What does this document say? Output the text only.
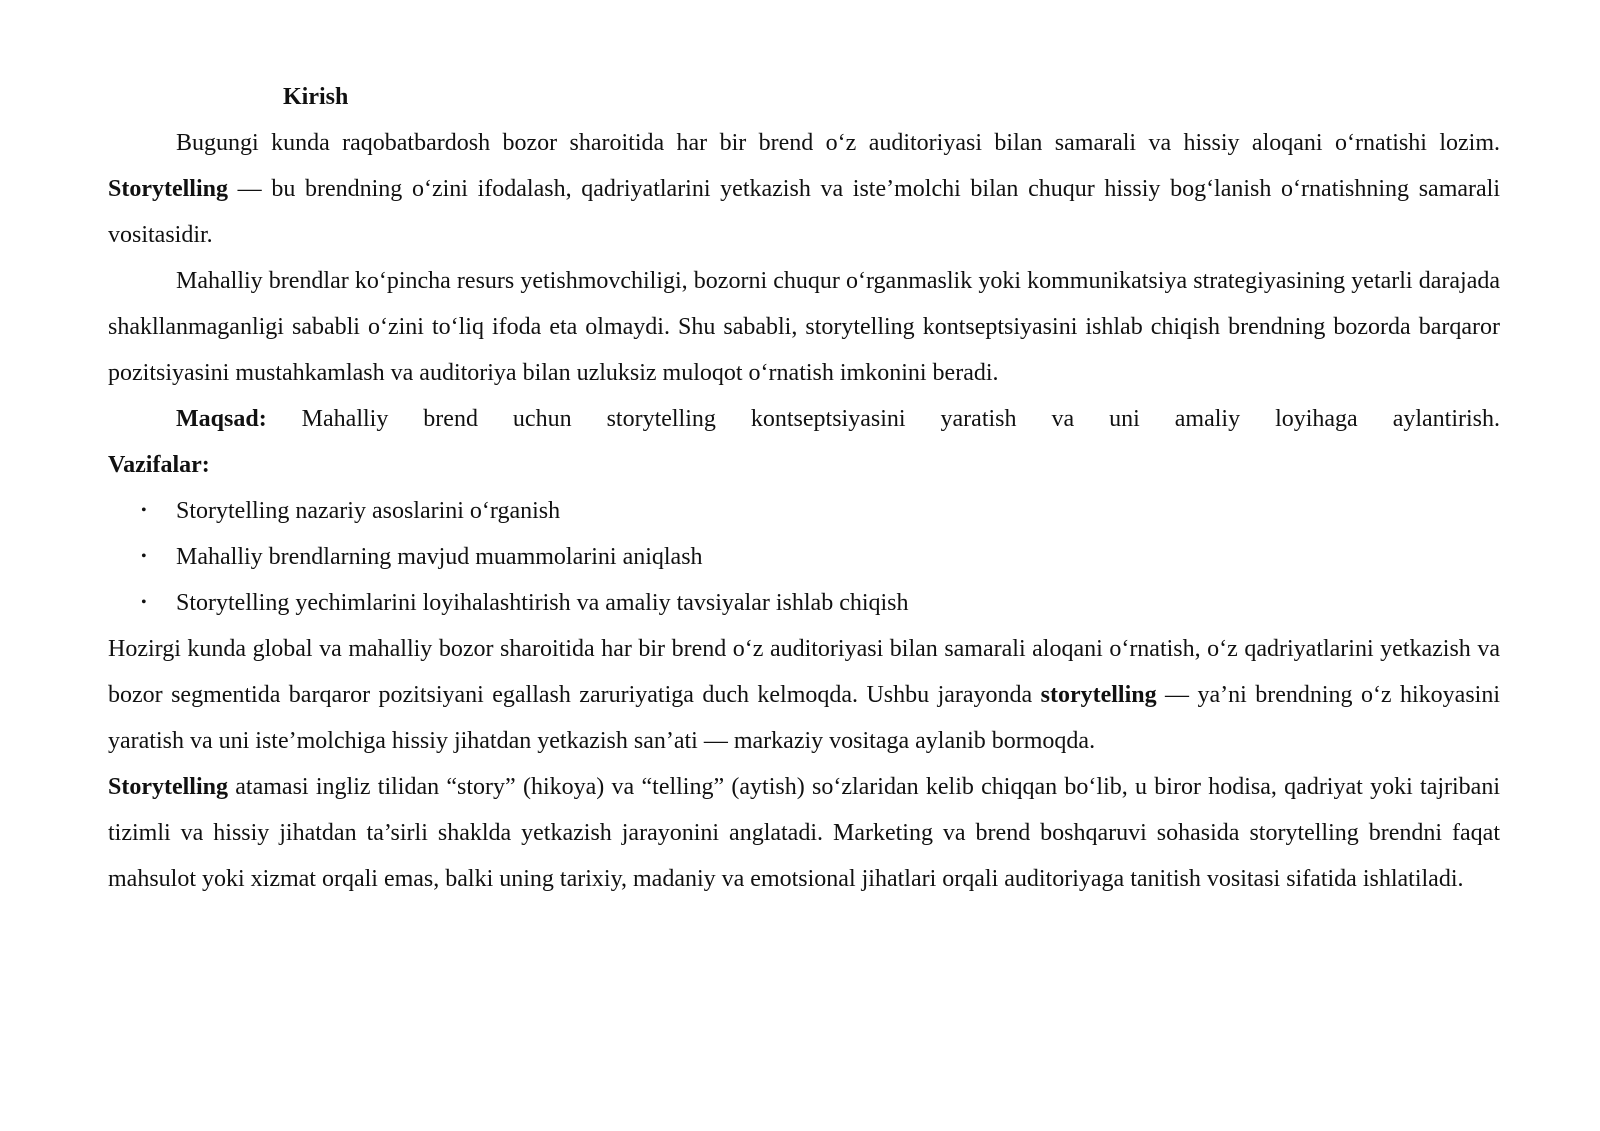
Kirish

Bugungi kunda raqobatbardosh bozor sharoitida har bir brend o‘z auditoriyasi bilan samarali va hissiy aloqani o‘rnatishi lozim. Storytelling — bu brendning o‘zini ifodalash, qadriyatlarini yetkazish va iste’molchi bilan chuqur hissiy bog‘lanish o‘rnatishning samarali vositasidir.

Mahalliy brendlar ko‘pincha resurs yetishmovchiligi, bozorni chuqur o‘rganmaslik yoki kommunikatsiya strategiyasining yetarli darajada shakllanmaganligi sababli o‘zini to‘liq ifoda eta olmaydi. Shu sababli, storytelling kontseptsiyasini ishlab chiqish brendning bozorda barqaror pozitsiyasini mustahkamlash va auditoriya bilan uzluksiz muloqot o‘rnatish imkonini beradi.

Maqsad: Mahalliy brend uchun storytelling kontseptsiyasini yaratish va uni amaliy loyihaga aylantirish.

Vazifalar:

• Storytelling nazariy asoslarini o‘rganish
• Mahalliy brendlarning mavjud muammolarini aniqlash
• Storytelling yechimlarini loyihalashtirish va amaliy tavsiyalar ishlab chiqish

Hozirgi kunda global va mahalliy bozor sharoitida har bir brend o‘z auditoriyasi bilan samarali aloqani o‘rnatish, o‘z qadriyatlarini yetkazish va bozor segmentida barqaror pozitsiyani egallash zaruriyatiga duch kelmoqda. Ushbu jarayonda storytelling — ya’ni brendning o‘z hikoyasini yaratish va uni iste’molchiga hissiy jihatdan yetkazish san’ati — markaziy vositaga aylanib bormoqda.

Storytelling atamasi ingliz tilidan “story” (hikoya) va “telling” (aytish) so‘zlaridan kelib chiqqan bo‘lib, u biror hodisa, qadriyat yoki tajribani tizimli va hissiy jihatdan ta’sirli shaklda yetkazish jarayonini anglatadi. Marketing va brend boshqaruvi sohasida storytelling brendni faqat mahsulot yoki xizmat orqali emas, balki uning tarixiy, madaniy va emotsional jihatlari orqali auditoriyaga tanitish vositasi sifatida ishlatiladi.
